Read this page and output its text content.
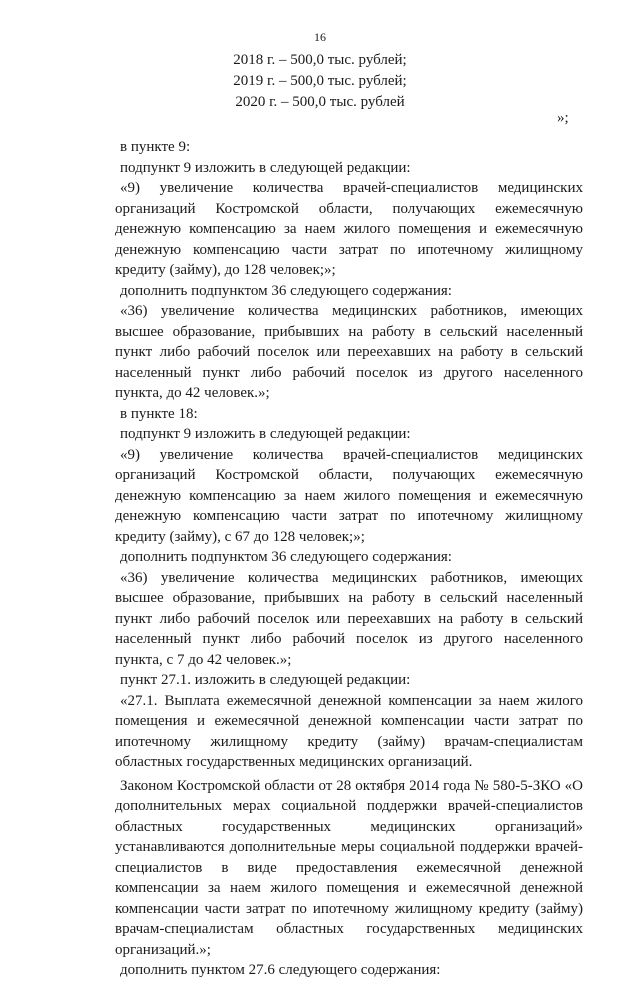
16
2018 г. – 500,0 тыс. рублей;
2019 г. – 500,0 тыс. рублей;
2020 г. – 500,0 тыс. рублей
»;

в пункте 9:

подпункт 9 изложить в следующей редакции:

«9) увеличение количества врачей-специалистов медицинских организаций Костромской области, получающих ежемесячную денежную компенсацию за наем жилого помещения и ежемесячную денежную компенсацию части затрат по ипотечному жилищному кредиту (займу), до 128 человек;»;

дополнить подпунктом 36 следующего содержания:

«36) увеличение количества медицинских работников, имеющих высшее образование, прибывших на работу в сельский населенный пункт либо рабочий поселок или переехавших на работу в сельский населенный пункт либо рабочий поселок из другого населенного пункта, до 42 человек.»;

в пункте 18:

подпункт 9 изложить в следующей редакции:

«9) увеличение количества врачей-специалистов медицинских организаций Костромской области, получающих ежемесячную денежную компенсацию за наем жилого помещения и ежемесячную денежную компенсацию части затрат по ипотечному жилищному кредиту (займу), с 67 до 128 человек;»;

дополнить подпунктом 36 следующего содержания:

«36) увеличение количества медицинских работников, имеющих высшее образование, прибывших на работу в сельский населенный пункт либо рабочий поселок или переехавших на работу в сельский населенный пункт либо рабочий поселок из другого населенного пункта, с 7 до 42 человек.»;

пункт 27.1. изложить в следующей редакции:

«27.1. Выплата ежемесячной денежной компенсации за наем жилого помещения и ежемесячной денежной компенсации части затрат по ипотечному жилищному кредиту (займу) врачам-специалистам областных государственных медицинских организаций.

Законом Костромской области от 28 октября 2014 года № 580-5-ЗКО «О дополнительных мерах социальной поддержки врачей-специалистов областных государственных медицинских организаций» устанавливаются дополнительные меры социальной поддержки врачей-специалистов в виде предоставления ежемесячной денежной компенсации за наем жилого помещения и ежемесячной денежной компенсации части затрат по ипотечному жилищному кредиту (займу) врачам-специалистам областных государственных медицинских организаций.»;

дополнить пунктом 27.6 следующего содержания:
